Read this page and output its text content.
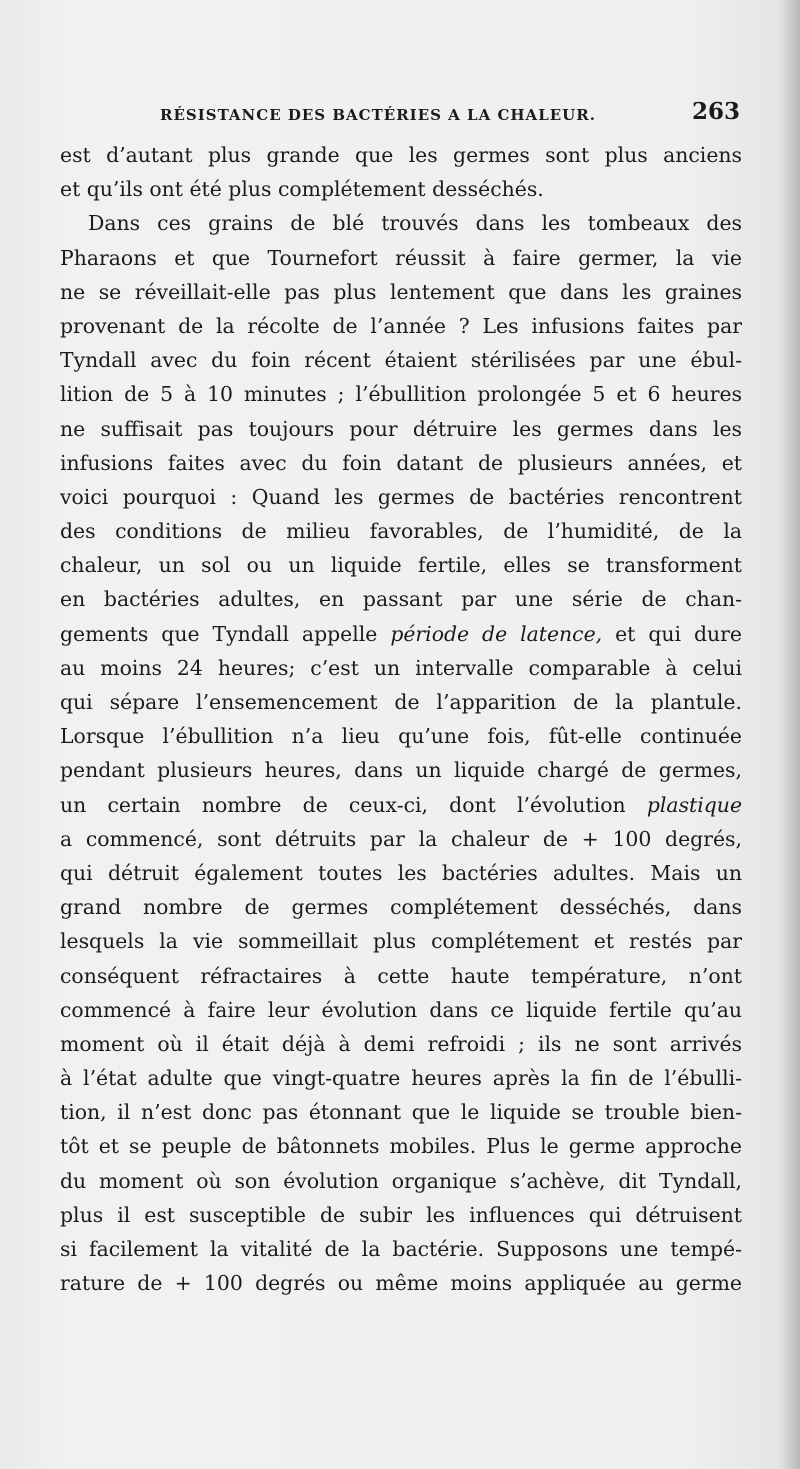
RÉSISTANCE DES BACTÉRIES A LA CHALEUR.	263
est d’autant plus grande que les germes sont plus anciens
et qu’ils ont été plus complétement desséchés.
Dans ces grains de blé trouvés dans les tombeaux des
Pharaons et que Tournefort réussit à faire germer, la vie
ne se réveillait-elle pas plus lentement que dans les graines
provenant de la récolte de l’année ? Les infusions faites par
Tyndall avec du foin récent étaient stérilisées par une ébul-
lition de 5 à 10 minutes ; l’ébullition prolongée 5 et 6 heures
ne suffisait pas toujours pour détruire les germes dans les
infusions faites avec du foin datant de plusieurs années, et
voici pourquoi : Quand les germes de bactéries rencontrent
des conditions de milieu favorables, de l’humidité, de la
chaleur, un sol ou un liquide fertile, elles se transforment
en bactéries adultes, en passant par une série de chan-
gements que Tyndall appelle période de latence, et qui dure
au moins 24 heures; c’est un intervalle comparable à celui
qui sépare l’ensemencement de l’apparition de la plantule.
Lorsque l’ébullition n’a lieu qu’une fois, fût-elle continuée
pendant plusieurs heures, dans un liquide chargé de germes,
un certain nombre de ceux-ci, dont l’évolution plastique
a commencé, sont détruits par la chaleur de + 100 degrés,
qui détruit également toutes les bactéries adultes. Mais un
grand nombre de germes complétement desséchés, dans
lesquels la vie sommeillait plus complétement et restés par
conséquent réfractaires à cette haute température, n’ont
commencé à faire leur évolution dans ce liquide fertile qu’au
moment où il était déjà à demi refroidi ; ils ne sont arrivés
à l’état adulte que vingt-quatre heures après la fin de l’ébulli-
tion, il n’est donc pas étonnant que le liquide se trouble bien-
tôt et se peuple de bâtonnets mobiles. Plus le germe approche
du moment où son évolution organique s’achève, dit Tyndall,
plus il est susceptible de subir les influences qui détruisent
si facilement la vitalité de la bactérie. Supposons une tempé-
rature de + 100 degrés ou même moins appliquée au germe
